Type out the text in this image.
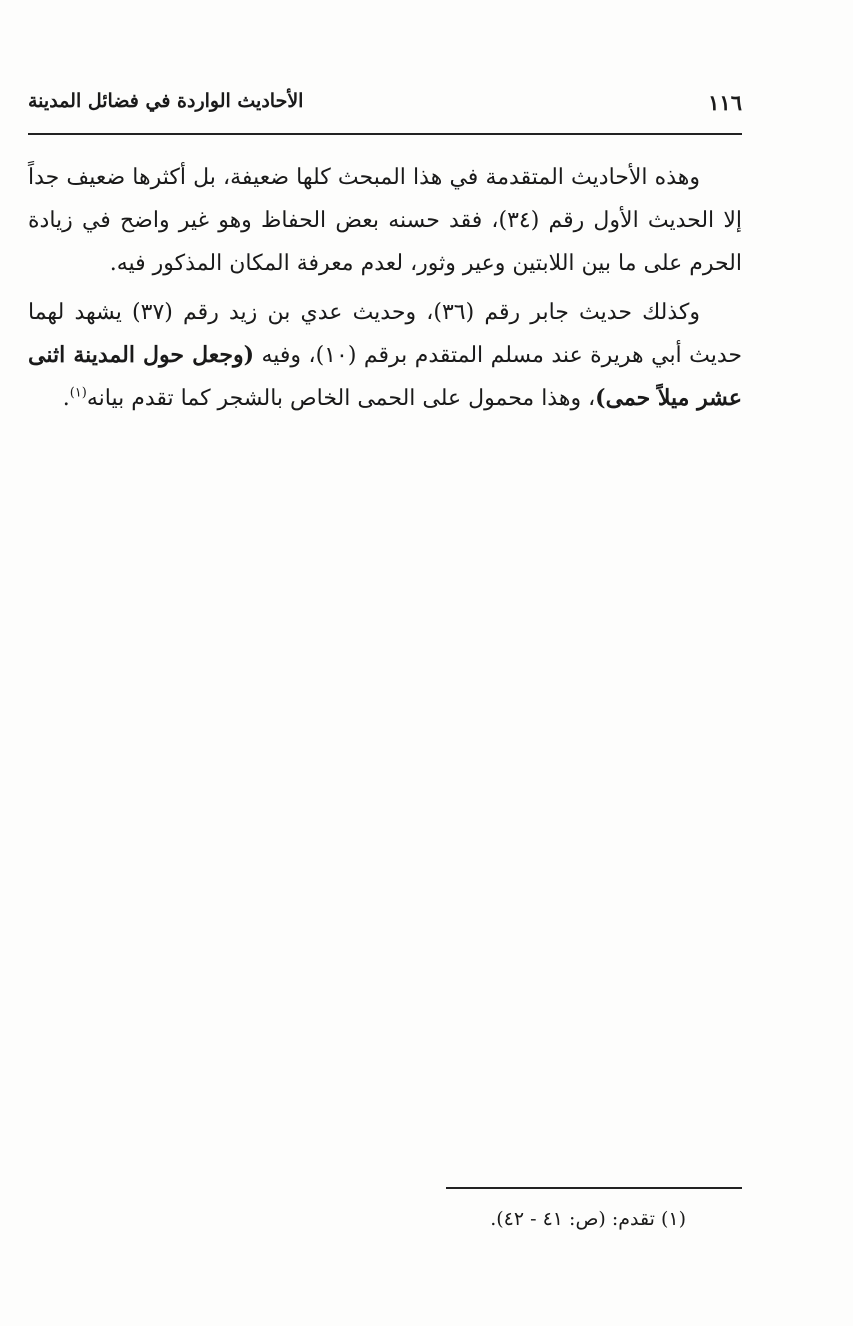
١١٦
الأحاديث الواردة في فضائل المدينة

وهذه الأحاديث المتقدمة في هذا المبحث كلها ضعيفة، بل أكثرها ضعيف جداً إلا الحديث الأول رقم (٣٤)، فقد حسنه بعض الحفاظ وهو غير واضح في زيادة الحرم على ما بين اللابتين وعير وثور، لعدم معرفة المكان المذكور فيه.

وكذلك حديث جابر رقم (٣٦)، وحديث عدي بن زيد رقم (٣٧) يشهد لهما حديث أبي هريرة عند مسلم المتقدم برقم (١٠)، وفيه (وجعل حول المدينة اثنى عشر ميلاً حمى)، وهذا محمول على الحمى الخاص بالشجر كما تقدم بيانه$^{(١)}$.

(١) تقدم: (ص: ٤١ - ٤٢).
